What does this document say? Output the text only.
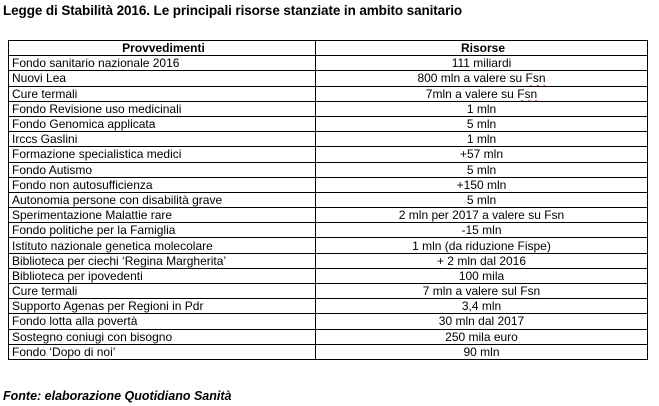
Legge di Stabilità 2016. Le principali risorse stanziate in ambito sanitario
Provvedimenti	Risorse
Fondo sanitario nazionale 2016	111 miliardi
Nuovi Lea	800 mln a valere su Fsn
Cure termali	7mln a valere su Fsn
Fondo Revisione uso medicinali	1 mln
Fondo Genomica applicata	5 mln
Irccs Gaslini	1 mln
Formazione specialistica medici	+57 mln
Fondo Autismo	5 mln
Fondo non autosufficienza	+150 mln
Autonomia persone con disabilità grave	5 mln
Sperimentazione Malattie rare	2 mln per 2017 a valere su Fsn
Fondo politiche per la Famiglia	-15 mln
Istituto nazionale genetica molecolare	1 mln (da riduzione Fispe)
Biblioteca per ciechi ‘Regina Margherita’	+ 2 mln dal 2016
Biblioteca per ipovedenti	100 mila
Cure termali	7 mln a valere sul Fsn
Supporto Agenas per Regioni in Pdr	3,4 mln
Fondo lotta alla povertà	30 mln dal 2017
Sostegno coniugi con bisogno	250 mila euro
Fondo ‘Dopo di noi’	90 mln
Fonte: elaborazione Quotidiano Sanità
